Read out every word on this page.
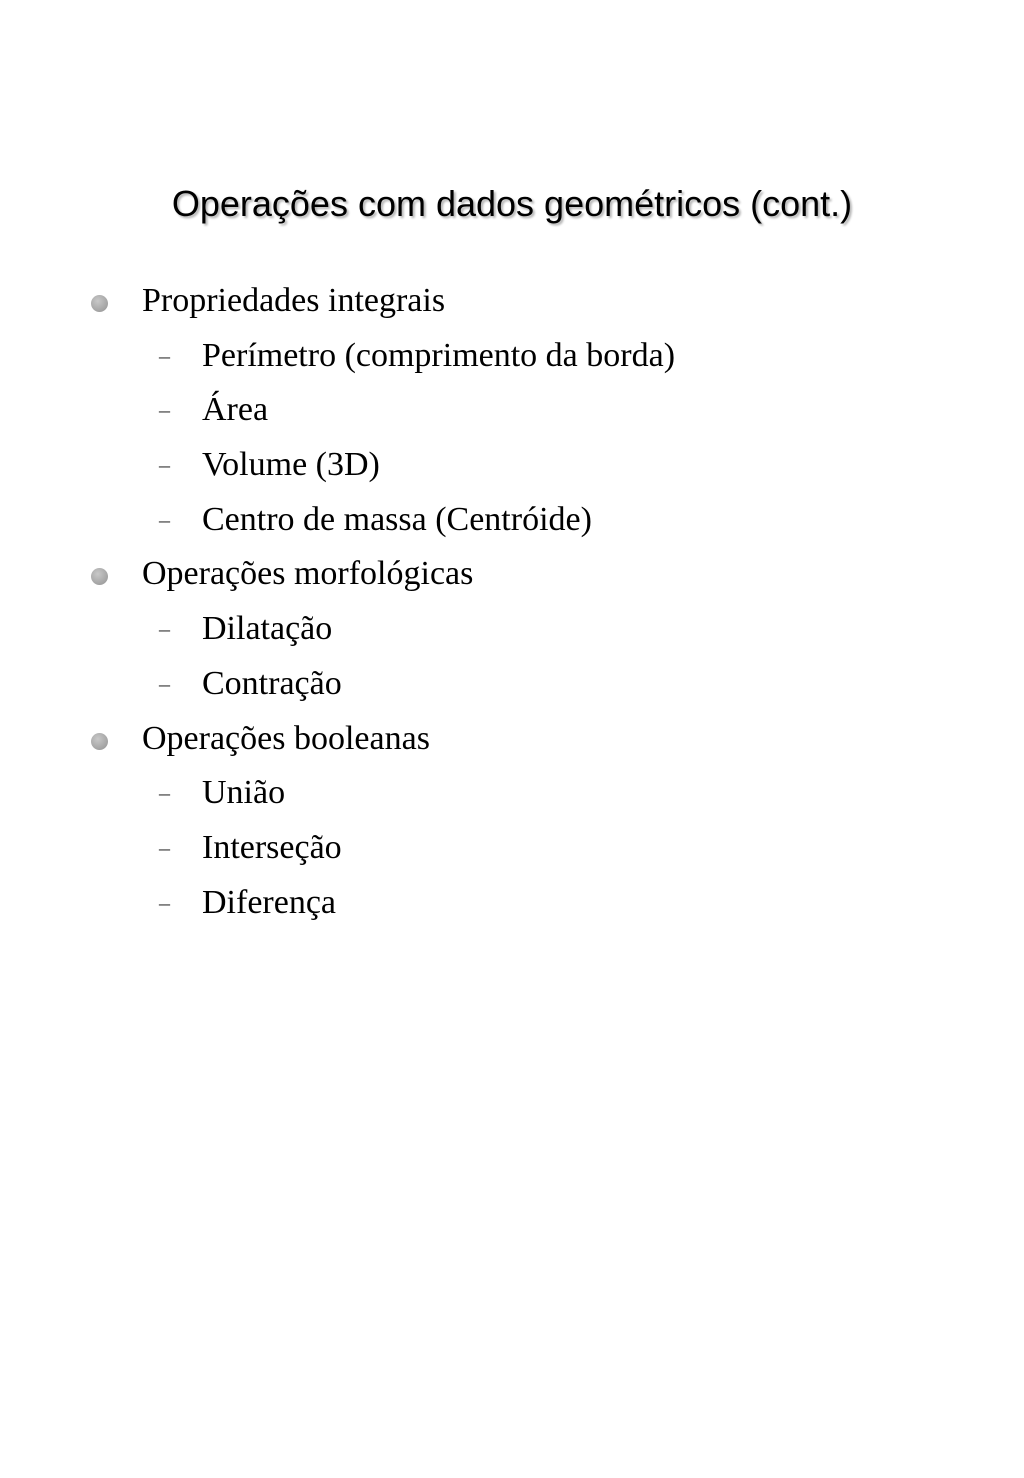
Operações com dados geométricos (cont.)
Propriedades integrais
– Perímetro (comprimento da borda)
– Área
– Volume (3D)
– Centro de massa (Centróide)
Operações morfológicas
– Dilatação
– Contração
Operações booleanas
– União
– Interseção
– Diferença
